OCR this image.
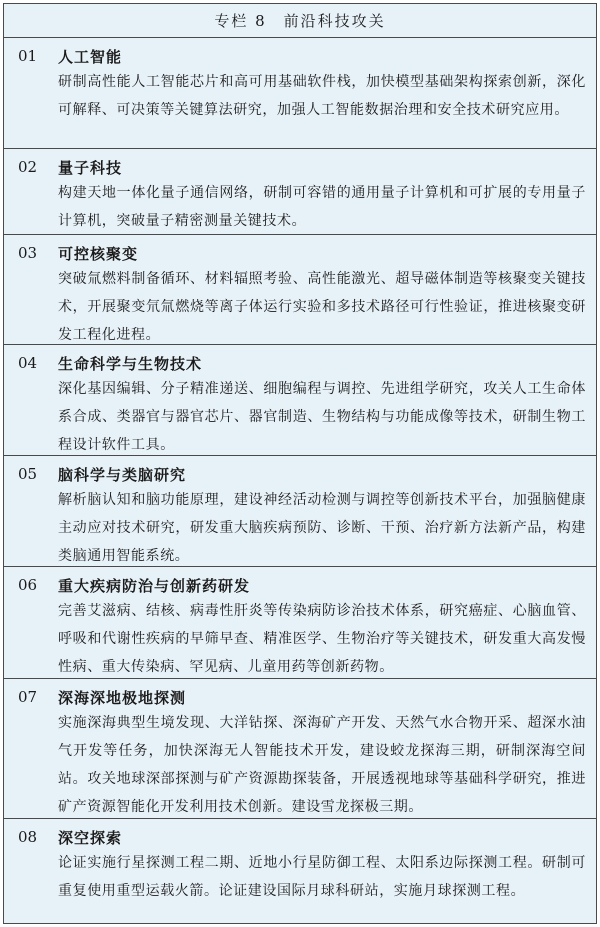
专栏 8　前沿科技攻关
01	人工智能
研制高性能人工智能芯片和高可用基础软件栈，加快模型基础架构探索创新，深化可解释、可决策等关键算法研究，加强人工智能数据治理和安全技术研究应用。
02	量子科技
构建天地一体化量子通信网络，研制可容错的通用量子计算机和可扩展的专用量子计算机，突破量子精密测量关键技术。
03	可控核聚变
突破氚燃料制备循环、材料辐照考验、高性能激光、超导磁体制造等核聚变关键技术，开展聚变氘氚燃烧等离子体运行实验和多技术路径可行性验证，推进核聚变研发工程化进程。
04	生命科学与生物技术
深化基因编辑、分子精准递送、细胞编程与调控、先进组学研究，攻关人工生命体系合成、类器官与器官芯片、器官制造、生物结构与功能成像等技术，研制生物工程设计软件工具。
05	脑科学与类脑研究
解析脑认知和脑功能原理，建设神经活动检测与调控等创新技术平台，加强脑健康主动应对技术研究，研发重大脑疾病预防、诊断、干预、治疗新方法新产品，构建类脑通用智能系统。
06	重大疾病防治与创新药研发
完善艾滋病、结核、病毒性肝炎等传染病防诊治技术体系，研究癌症、心脑血管、呼吸和代谢性疾病的早筛早查、精准医学、生物治疗等关键技术，研发重大高发慢性病、重大传染病、罕见病、儿童用药等创新药物。
07	深海深地极地探测
实施深海典型生境发现、大洋钻探、深海矿产开发、天然气水合物开采、超深水油气开发等任务，加快深海无人智能技术开发，建设蛟龙探海三期，研制深海空间站。攻关地球深部探测与矿产资源勘探装备，开展透视地球等基础科学研究，推进矿产资源智能化开发利用技术创新。建设雪龙探极三期。
08	深空探索
论证实施行星探测工程二期、近地小行星防御工程、太阳系边际探测工程。研制可重复使用重型运载火箭。论证建设国际月球科研站，实施月球探测工程。
